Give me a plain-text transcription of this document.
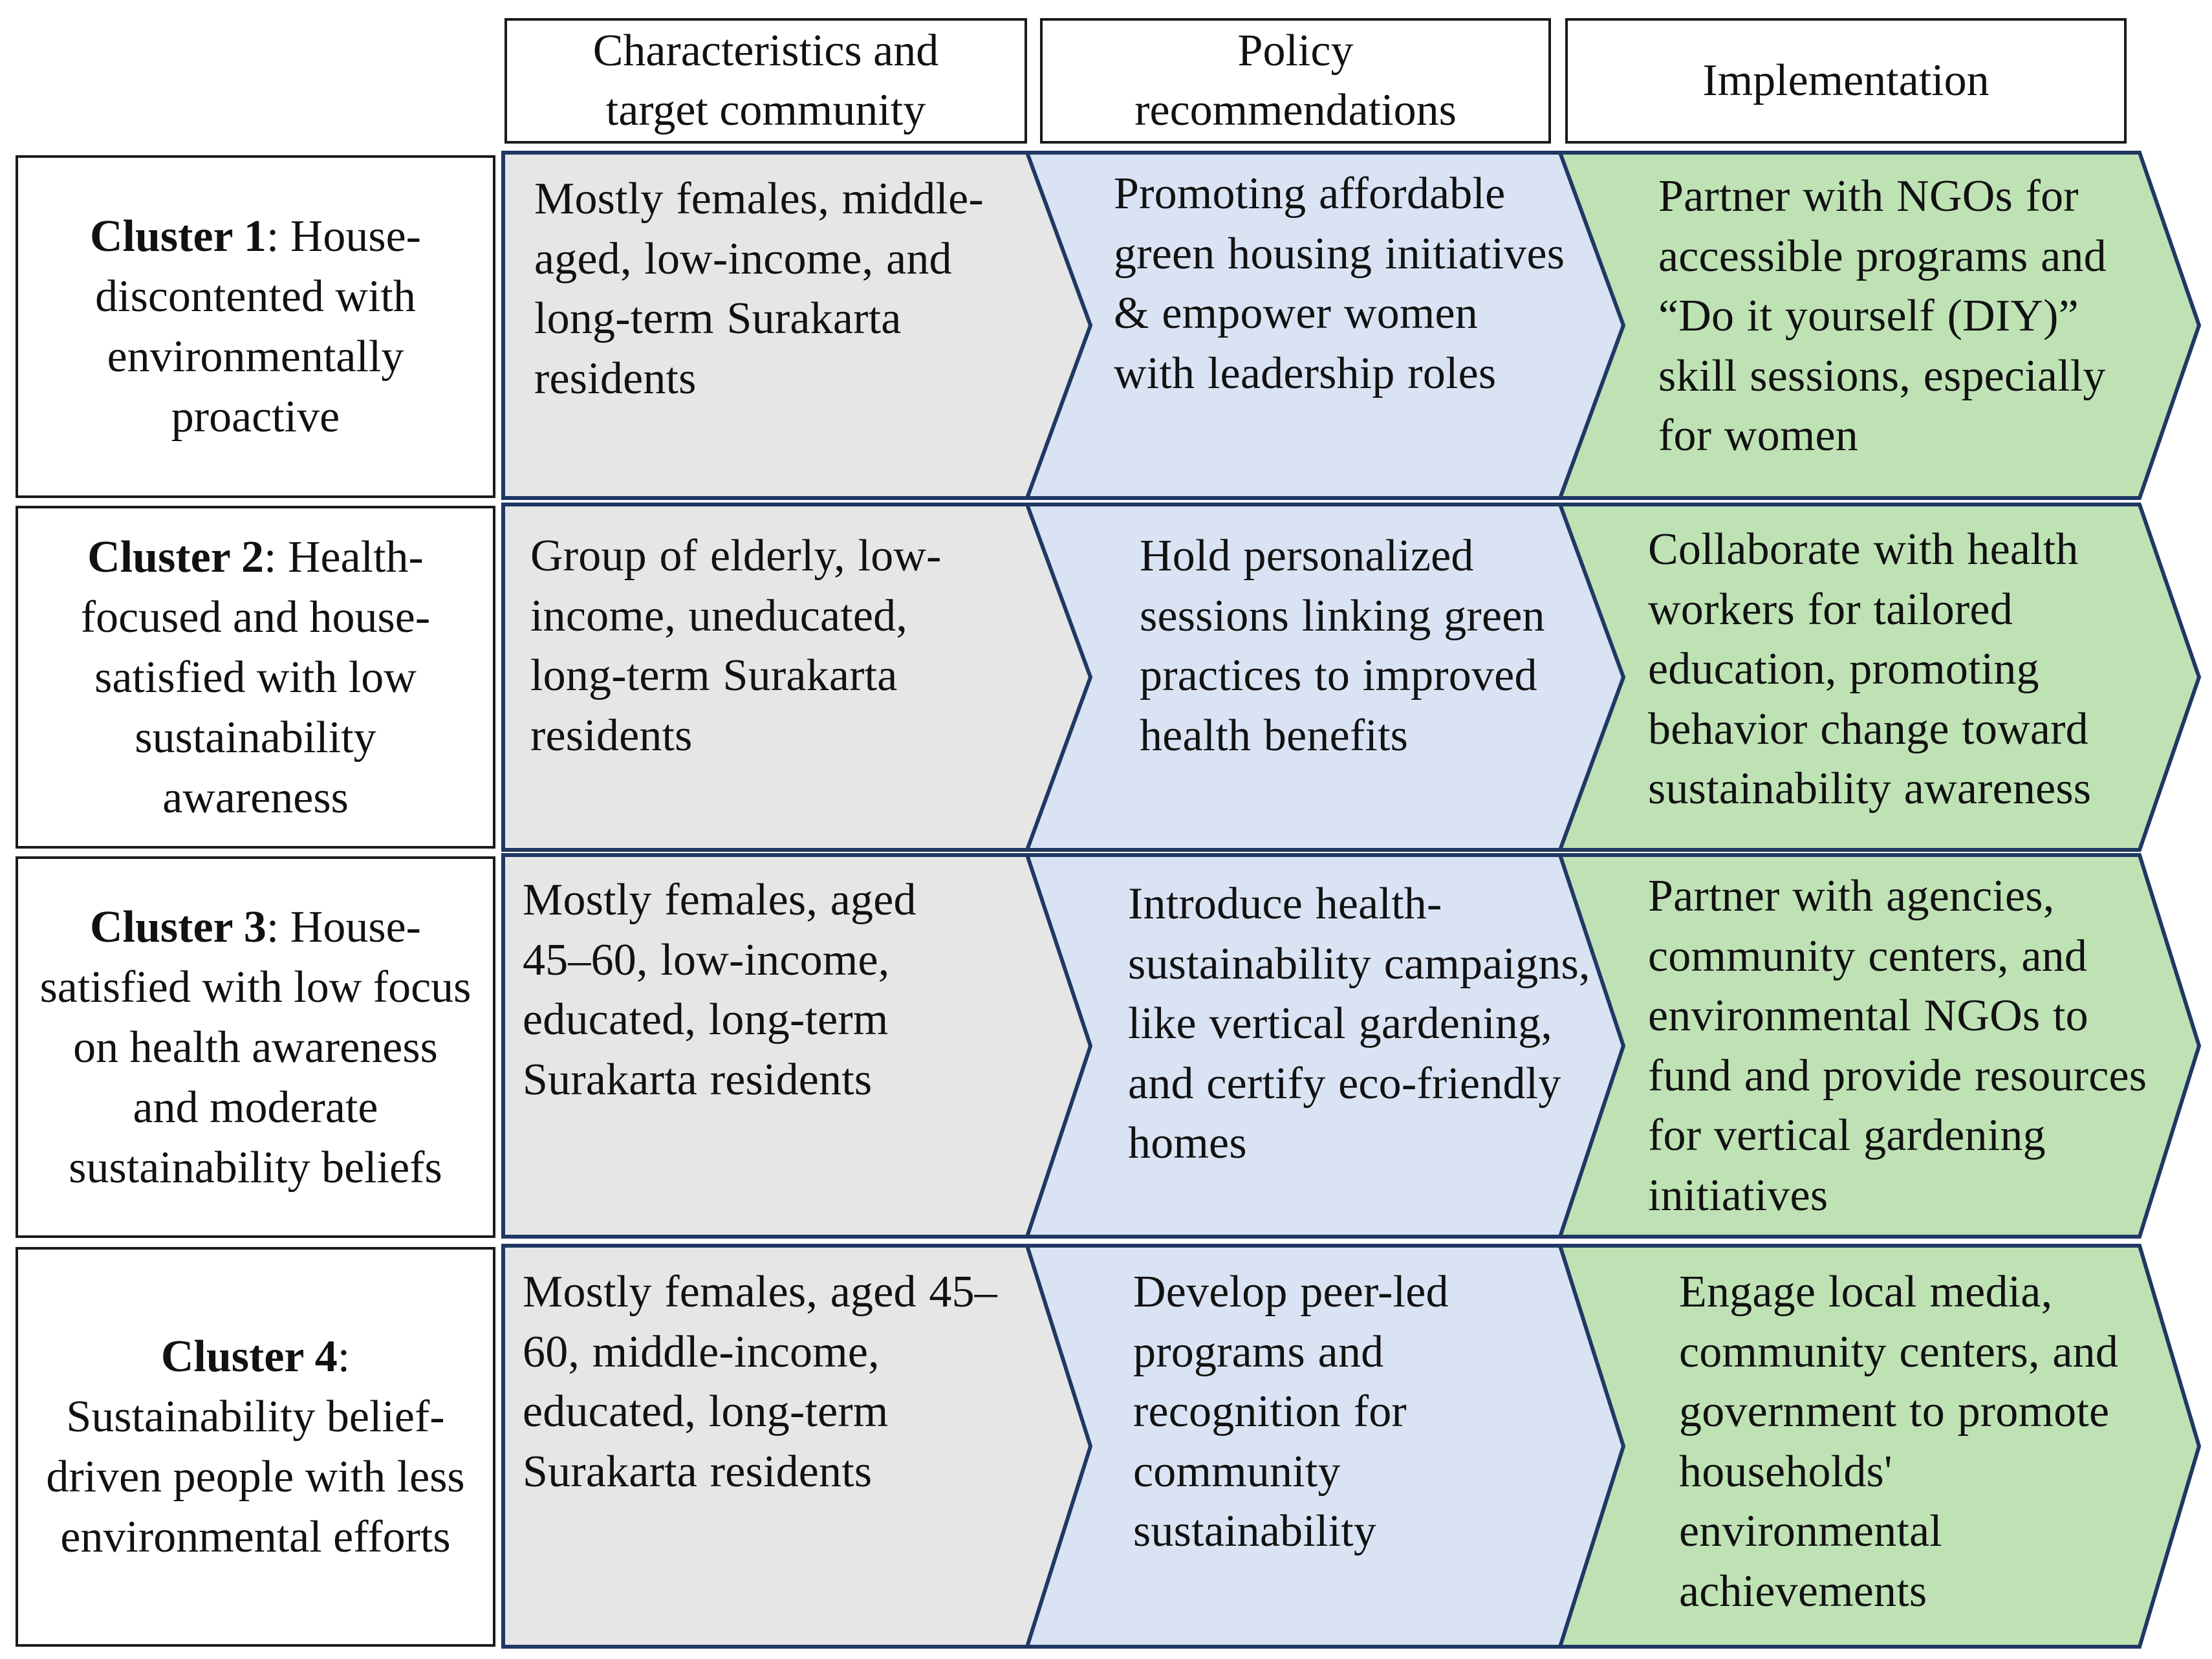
Characteristics and target community
Policy recommendations
Implementation
Cluster 1: House-discontented with environmentally proactive
Cluster 2: Health-focused and house-satisfied with low sustainability awareness
Cluster 3: House-satisfied with low focus on health awareness and moderate sustainability beliefs
Cluster 4: Sustainability belief-driven people with less environmental efforts
Mostly females, middle-aged, low-income, and long-term Surakarta residents
Promoting affordable green housing initiatives & empower women with leadership roles
Partner with NGOs for accessible programs and “Do it yourself (DIY)” skill sessions, especially for women
Group of elderly, low-income, uneducated, long-term Surakarta residents
Hold personalized sessions linking green practices to improved health benefits
Collaborate with health workers for tailored education, promoting behavior change toward sustainability awareness
Mostly females, aged 45–60, low-income, educated, long-term Surakarta residents
Introduce health-sustainability campaigns, like vertical gardening, and certify eco-friendly homes
Partner with agencies, community centers, and environmental NGOs to fund and provide resources for vertical gardening initiatives
Mostly females, aged 45–60, middle-income, educated, long-term Surakarta residents
Develop peer-led programs and recognition for community sustainability
Engage local media, community centers, and government to promote households' environmental achievements
